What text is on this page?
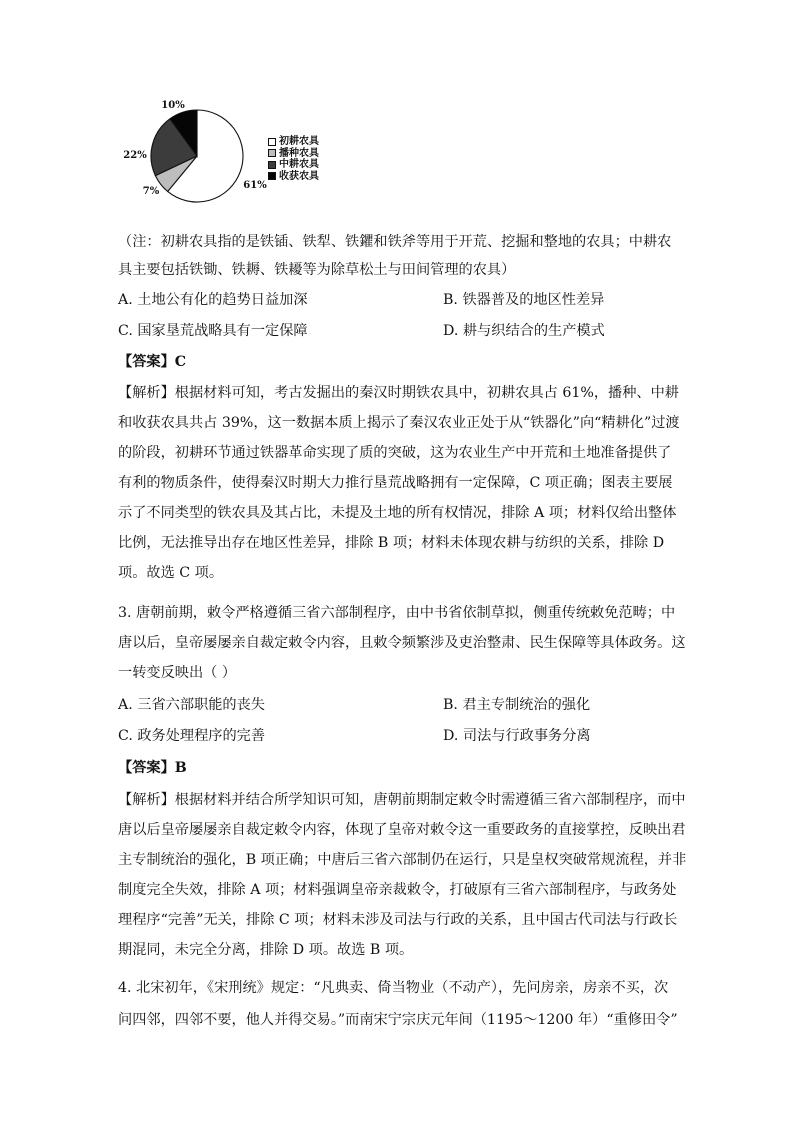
61%
7%
22%
10%
初耕农具
播种农具
中耕农具
收获农具
（注：初耕农具指的是铁锸、铁犁、铁鑺和铁斧等用于开荒、挖掘和整地的农具；中耕农
具主要包括铁锄、铁耨、铁耰等为除草松土与田间管理的农具）
A. 土地公有化的趋势日益加深	B. 铁器普及的地区性差异
C. 国家垦荒战略具有一定保障	D. 耕与织结合的生产模式
【答案】C
【解析】根据材料可知，考古发掘出的秦汉时期铁农具中，初耕农具占 61%，播种、中耕
和收获农具共占 39%，这一数据本质上揭示了秦汉农业正处于从“铁器化”向“精耕化”过渡
的阶段，初耕环节通过铁器革命实现了质的突破，这为农业生产中开荒和土地准备提供了
有利的物质条件，使得秦汉时期大力推行垦荒战略拥有一定保障，C 项正确；图表主要展
示了不同类型的铁农具及其占比，未提及土地的所有权情况，排除 A 项；材料仅给出整体
比例，无法推导出存在地区性差异，排除 B 项；材料未体现农耕与纺织的关系，排除 D
项。故选 C 项。
3. 唐朝前期，敕令严格遵循三省六部制程序，由中书省依制草拟，侧重传统敕免范畴；中
唐以后，皇帝屡屡亲自裁定敕令内容，且敕令频繁涉及吏治整肃、民生保障等具体政务。这
一转变反映出（ ）
A. 三省六部职能的丧失	B. 君主专制统治的强化
C. 政务处理程序的完善	D. 司法与行政事务分离
【答案】B
【解析】根据材料并结合所学知识可知，唐朝前期制定敕令时需遵循三省六部制程序，而中
唐以后皇帝屡屡亲自裁定敕令内容，体现了皇帝对敕令这一重要政务的直接掌控，反映出君
主专制统治的强化，B 项正确；中唐后三省六部制仍在运行，只是皇权突破常规流程，并非
制度完全失效，排除 A 项；材料强调皇帝亲裁敕令，打破原有三省六部制程序，与政务处
理程序“完善”无关，排除 C 项；材料未涉及司法与行政的关系，且中国古代司法与行政长
期混同，未完全分离，排除 D 项。故选 B 项。
4. 北宋初年，《宋刑统》规定：“凡典卖、倚当物业（不动产），先问房亲，房亲不买，次
问四邻，四邻不要，他人并得交易。”而南宋宁宗庆元年间（1195～1200 年）“重修田令”
